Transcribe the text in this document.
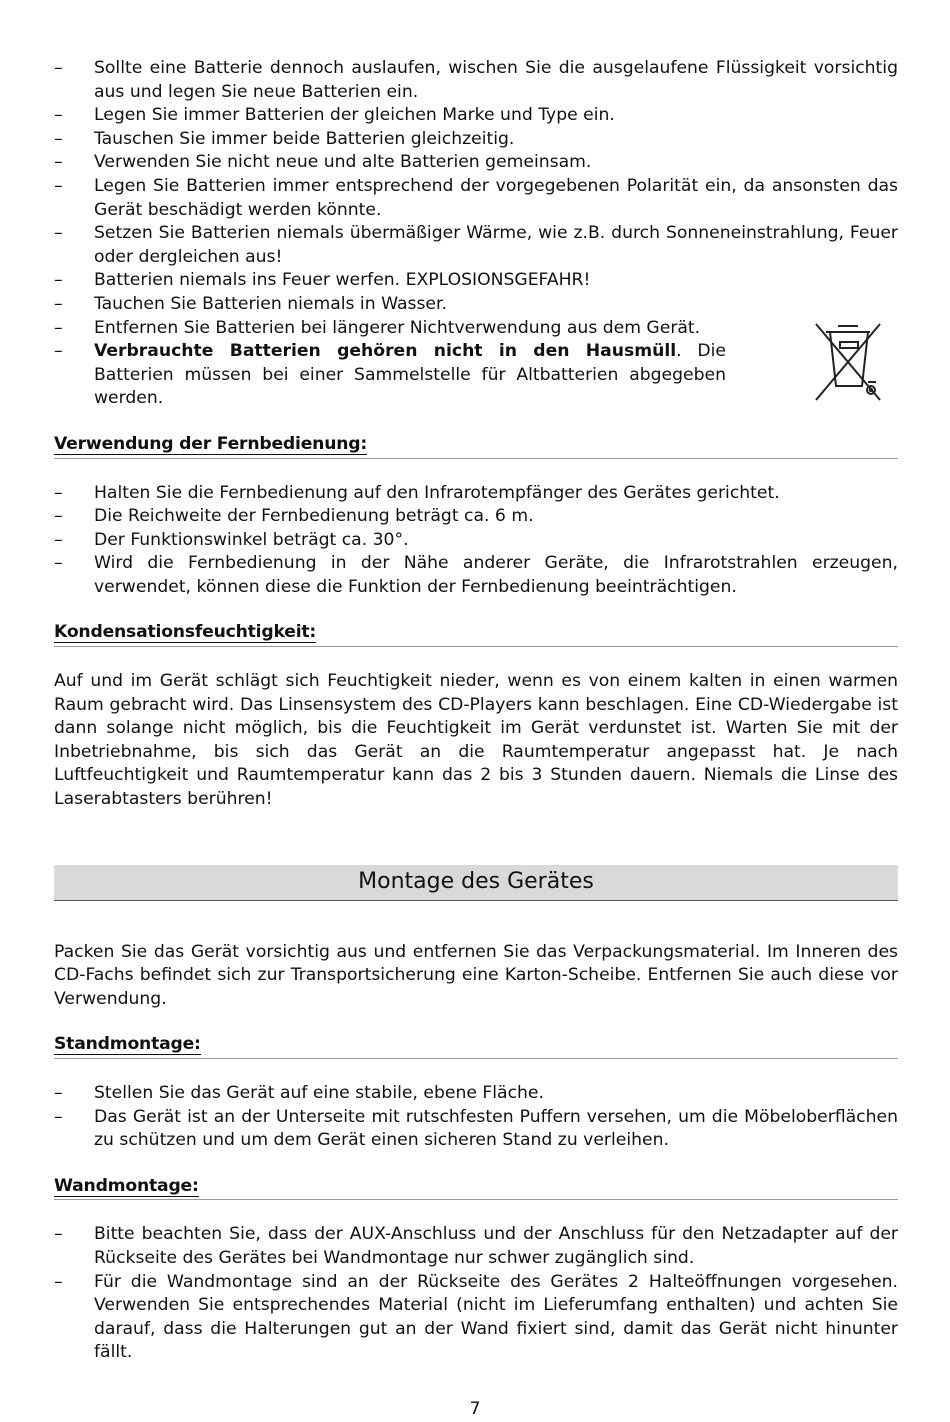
– Sollte eine Batterie dennoch auslaufen, wischen Sie die ausgelaufene Flüssigkeit vorsichtig aus und legen Sie neue Batterien ein.
– Legen Sie immer Batterien der gleichen Marke und Type ein.
– Tauschen Sie immer beide Batterien gleichzeitig.
– Verwenden Sie nicht neue und alte Batterien gemeinsam.
– Legen Sie Batterien immer entsprechend der vorgegebenen Polarität ein, da ansonsten das Gerät beschädigt werden könnte.
– Setzen Sie Batterien niemals übermäßiger Wärme, wie z.B. durch Sonneneinstrahlung, Feuer oder dergleichen aus!
– Batterien niemals ins Feuer werfen. EXPLOSIONSGEFAHR!
– Tauchen Sie Batterien niemals in Wasser.
– Entfernen Sie Batterien bei längerer Nichtverwendung aus dem Gerät.
– Verbrauchte Batterien gehören nicht in den Hausmüll. Die Batterien müssen bei einer Sammelstelle für Altbatterien abgegeben werden.
Verwendung der Fernbedienung:
– Halten Sie die Fernbedienung auf den Infrarotempfänger des Gerätes gerichtet.
– Die Reichweite der Fernbedienung beträgt ca. 6 m.
– Der Funktionswinkel beträgt ca. 30°.
– Wird die Fernbedienung in der Nähe anderer Geräte, die Infrarotstrahlen erzeugen, verwendet, können diese die Funktion der Fernbedienung beeinträchtigen.
Kondensationsfeuchtigkeit:

Auf und im Gerät schlägt sich Feuchtigkeit nieder, wenn es von einem kalten in einen warmen Raum gebracht wird. Das Linsensystem des CD-Players kann beschlagen. Eine CD-Wiedergabe ist dann solange nicht möglich, bis die Feuchtigkeit im Gerät verdunstet ist. Warten Sie mit der Inbetriebnahme, bis sich das Gerät an die Raumtemperatur angepasst hat. Je nach Luftfeuchtigkeit und Raumtemperatur kann das 2 bis 3 Stunden dauern. Niemals die Linse des Laserabtasters berühren!

Montage des Gerätes

Packen Sie das Gerät vorsichtig aus und entfernen Sie das Verpackungsmaterial. Im Inneren des CD-Fachs befindet sich zur Transportsicherung eine Karton-Scheibe. Entfernen Sie auch diese vor Verwendung.

Standmontage:
– Stellen Sie das Gerät auf eine stabile, ebene Fläche.
– Das Gerät ist an der Unterseite mit rutschfesten Puffern versehen, um die Möbeloberflächen zu schützen und um dem Gerät einen sicheren Stand zu verleihen.
Wandmontage:
– Bitte beachten Sie, dass der AUX-Anschluss und der Anschluss für den Netzadapter auf der Rückseite des Gerätes bei Wandmontage nur schwer zugänglich sind.
– Für die Wandmontage sind an der Rückseite des Gerätes 2 Halteöffnungen vorgesehen. Verwenden Sie entsprechendes Material (nicht im Lieferumfang enthalten) und achten Sie darauf, dass die Halterungen gut an der Wand fixiert sind, damit das Gerät nicht hinunter fällt.
7
